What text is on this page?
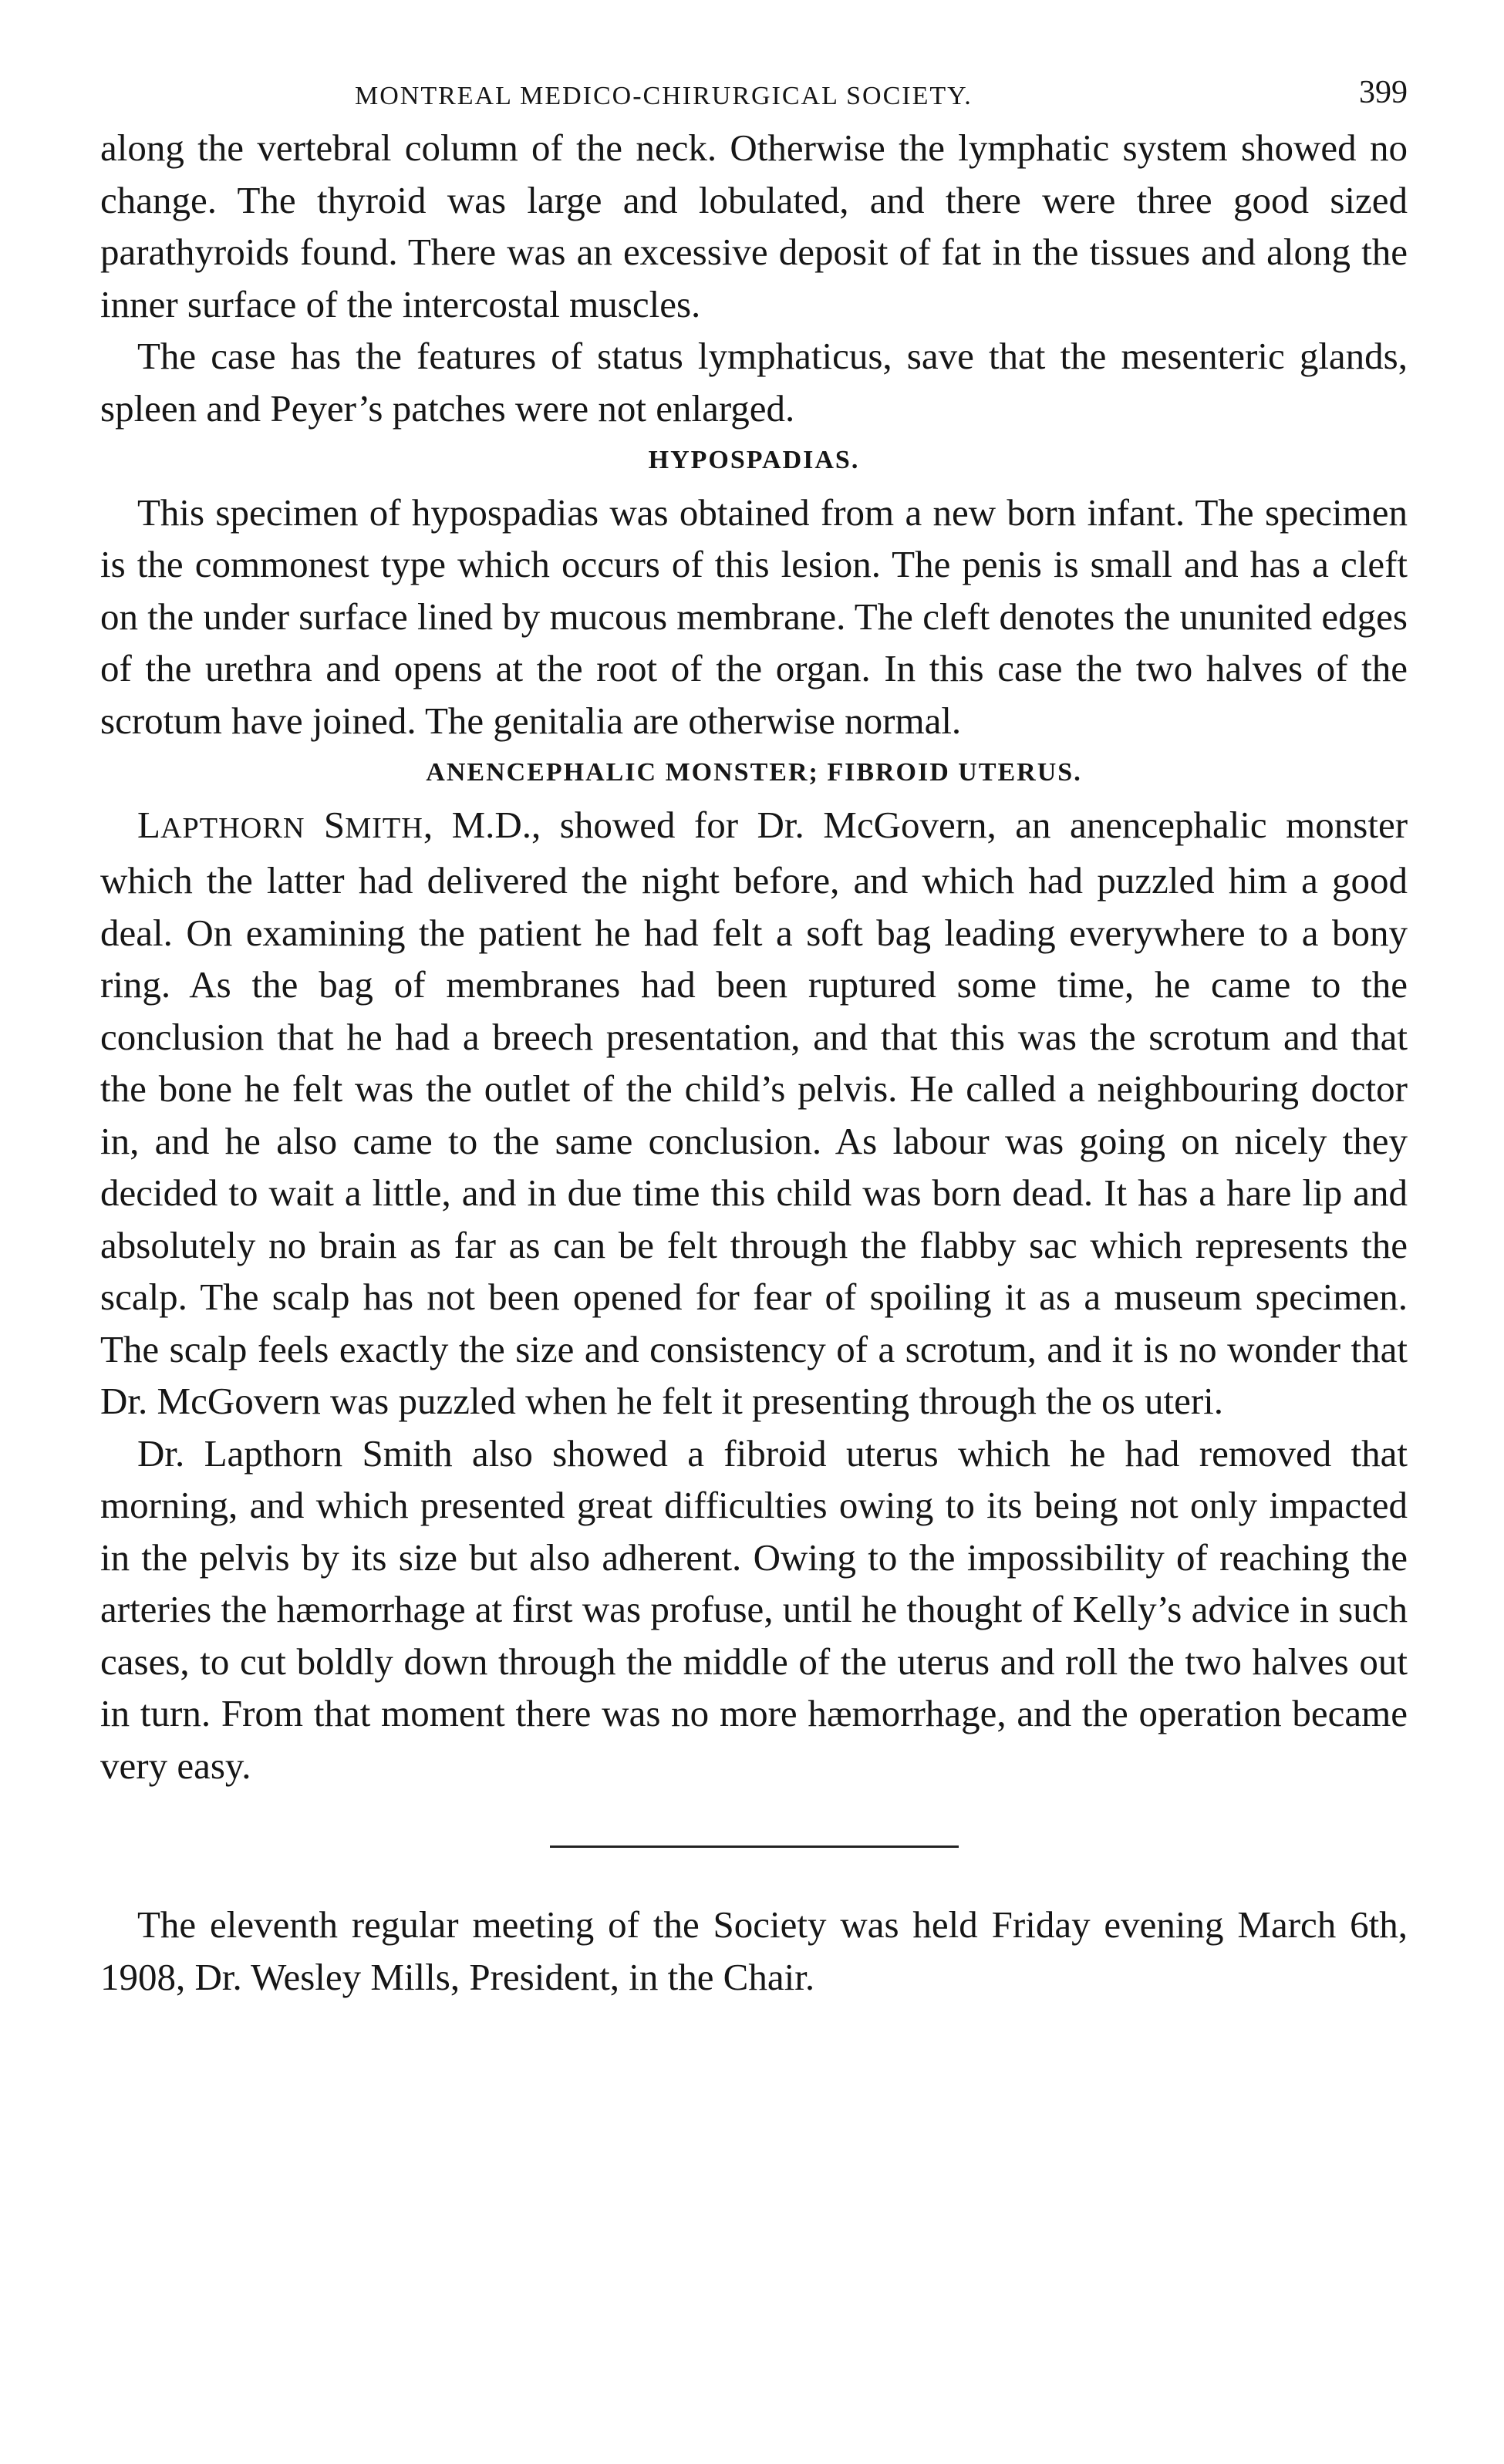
MONTREAL MEDICO-CHIRURGICAL SOCIETY.	399

along the vertebral column of the neck. Otherwise the lymphatic system showed no change. The thyroid was large and lobulated, and there were three good sized parathyroids found. There was an excessive deposit of fat in the tissues and along the inner surface of the intercostal muscles.

The case has the features of status lymphaticus, save that the mesenteric glands, spleen and Peyer’s patches were not enlarged.

HYPOSPADIAS.

This specimen of hypospadias was obtained from a new born infant. The specimen is the commonest type which occurs of this lesion. The penis is small and has a cleft on the under surface lined by mucous membrane. The cleft denotes the ununited edges of the urethra and opens at the root of the organ. In this case the two halves of the scrotum have joined. The genitalia are otherwise normal.

ANENCEPHALIC MONSTER; FIBROID UTERUS.

LAPTHORN SMITH, M.D., showed for Dr. McGovern, an anencephalic monster which the latter had delivered the night before, and which had puzzled him a good deal. On examining the patient he had felt a soft bag leading everywhere to a bony ring. As the bag of membranes had been ruptured some time, he came to the conclusion that he had a breech presentation, and that this was the scrotum and that the bone he felt was the outlet of the child’s pelvis. He called a neighbouring doctor in, and he also came to the same conclusion. As labour was going on nicely they decided to wait a little, and in due time this child was born dead. It has a hare lip and absolutely no brain as far as can be felt through the flabby sac which represents the scalp. The scalp has not been opened for fear of spoiling it as a museum specimen. The scalp feels exactly the size and consistency of a scrotum, and it is no wonder that Dr. McGovern was puzzled when he felt it presenting through the os uteri.

Dr. Lapthorn Smith also showed a fibroid uterus which he had removed that morning, and which presented great difficulties owing to its being not only impacted in the pelvis by its size but also adherent. Owing to the impossibility of reaching the arteries the hæmorrhage at first was profuse, until he thought of Kelly’s advice in such cases, to cut boldly down through the middle of the uterus and roll the two halves out in turn. From that moment there was no more hæmorrhage, and the operation became very easy.

The eleventh regular meeting of the Society was held Friday evening March 6th, 1908, Dr. Wesley Mills, President, in the Chair.
